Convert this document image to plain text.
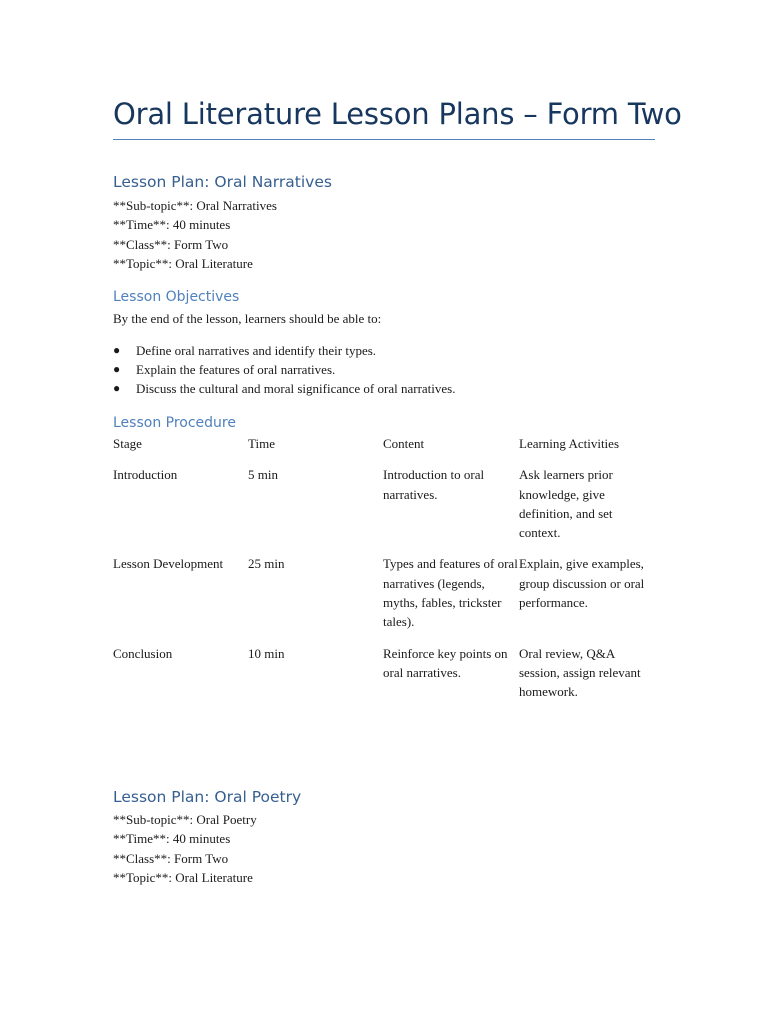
Oral Literature Lesson Plans – Form Two
Lesson Plan: Oral Narratives
**Sub-topic**: Oral Narratives
**Time**: 40 minutes
**Class**: Form Two
**Topic**: Oral Literature
Lesson Objectives
By the end of the lesson, learners should be able to:
● Define oral narratives and identify their types.
● Explain the features of oral narratives.
● Discuss the cultural and moral significance of oral narratives.
Lesson Procedure
Stage	Time	Content	Learning Activities
Introduction	5 min	Introduction to oral narratives.	Ask learners prior knowledge, give definition, and set context.
Lesson Development	25 min	Types and features of oral narratives (legends, myths, fables, trickster tales).	Explain, give examples, group discussion or oral performance.
Conclusion	10 min	Reinforce key points on oral narratives.	Oral review, Q&A session, assign relevant homework.
Lesson Plan: Oral Poetry
**Sub-topic**: Oral Poetry
**Time**: 40 minutes
**Class**: Form Two
**Topic**: Oral Literature
